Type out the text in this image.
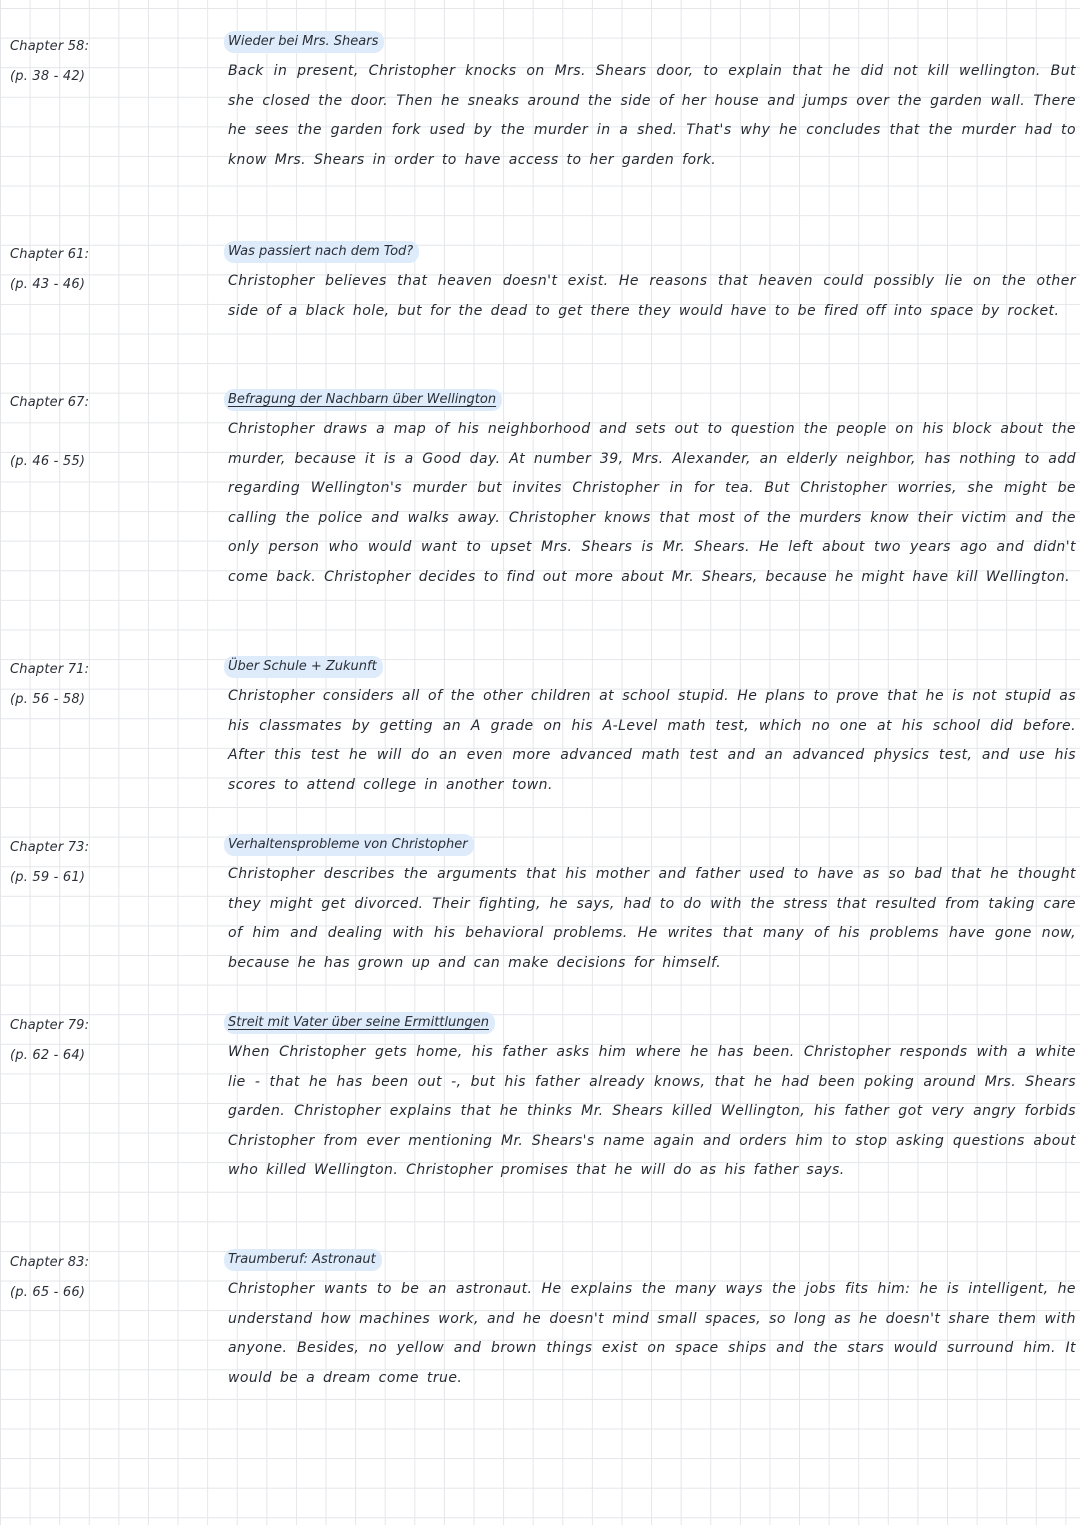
Chapter 58:
(p. 38 - 42)
Wieder bei Mrs. Shears

Back in present, Christopher knocks on Mrs. Shears door, to explain that he did not kill wellington. But she closed the door. Then he sneaks around the side of her house and jumps over the garden wall. There he sees the garden fork used by the murder in a shed. That's why he concludes that the murder had to know Mrs. Shears in order to have access to her garden fork.

Chapter 61:
(p. 43 - 46)
Was passiert nach dem Tod?

Christopher believes that heaven doesn't exist. He reasons that heaven could possibly lie on the other side of a black hole, but for the dead to get there they would have to be fired off into space by rocket.

Chapter 67:
(p. 46 - 55)
Befragung der Nachbarn über Wellington

Christopher draws a map of his neighborhood and sets out to question the people on his block about the murder, because it is a Good day. At number 39, Mrs. Alexander, an elderly neighbor, has nothing to add regarding Wellington's murder but invites Christopher in for tea. But Christopher worries, she might be calling the police and walks away. Christopher knows that most of the murders know their victim and the only person who would want to upset Mrs. Shears is Mr. Shears. He left about two years ago and didn't come back. Christopher decides to find out more about Mr. Shears, because he might have kill Wellington.

Chapter 71:
(p. 56 - 58)
Über Schule + Zukunft

Christopher considers all of the other children at school stupid. He plans to prove that he is not stupid as his classmates by getting an A grade on his A-Level math test, which no one at his school did before. After this test he will do an even more advanced math test and an advanced physics test, and use his scores to attend college in another town.

Chapter 73:
(p. 59 - 61)
Verhaltensprobleme von Christopher

Christopher describes the arguments that his mother and father used to have as so bad that he thought they might get divorced. Their fighting, he says, had to do with the stress that resulted from taking care of him and dealing with his behavioral problems. He writes that many of his problems have gone now, because he has grown up and can make decisions for himself.

Chapter 79:
(p. 62 - 64)
Streit mit Vater über seine Ermittlungen

When Christopher gets home, his father asks him where he has been. Christopher responds with a white lie - that he has been out -, but his father already knows, that he had been poking around Mrs. Shears garden. Christopher explains that he thinks Mr. Shears killed Wellington, his father got very angry forbids Christopher from ever mentioning Mr. Shears's name again and orders him to stop asking questions about who killed Wellington. Christopher promises that he will do as his father says.

Chapter 83:
(p. 65 - 66)
Traumberuf: Astronaut

Christopher wants to be an astronaut. He explains the many ways the jobs fits him: he is intelligent, he understand how machines work, and he doesn't mind small spaces, so long as he doesn't share them with anyone. Besides, no yellow and brown things exist on space ships and the stars would surround him. It would be a dream come true.
